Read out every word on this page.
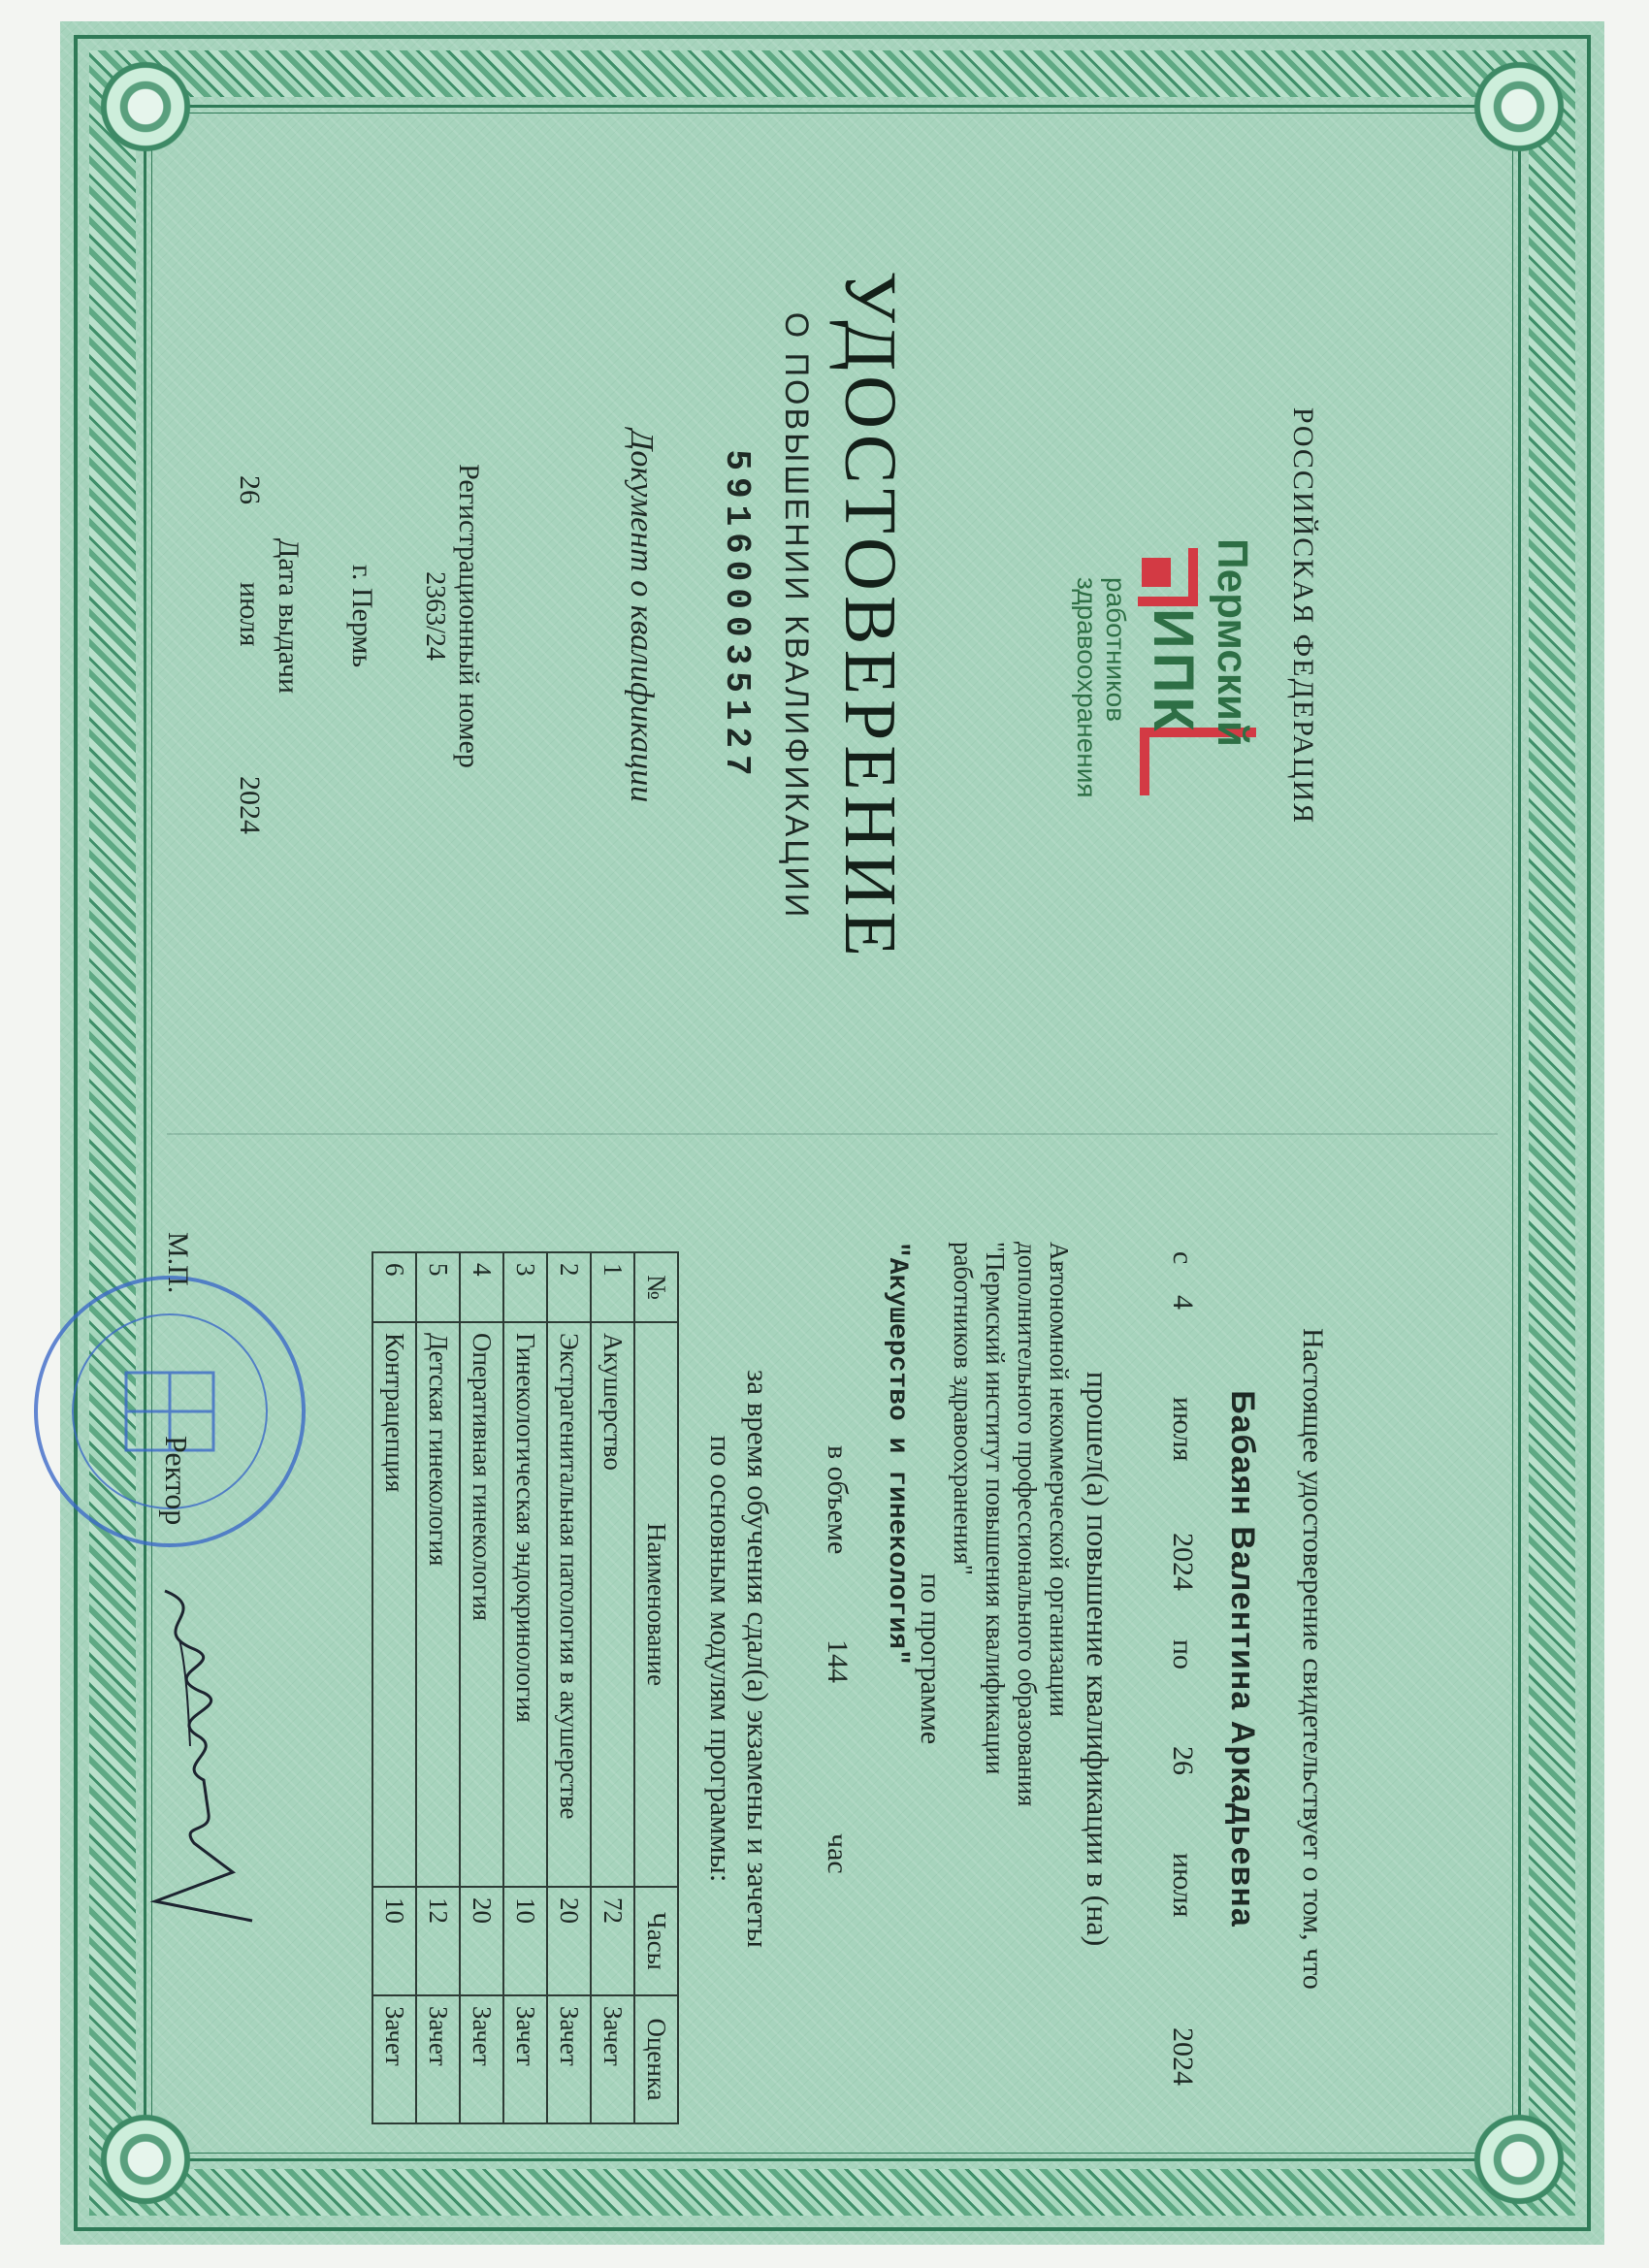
РОССИЙСКАЯ ФЕДЕРАЦИЯ
Пермский
ИПК
работников
здравоохранения
УДОСТОВЕРЕНИЕ
О ПОВЫШЕНИИ КВАЛИФИКАЦИИ
591600035127
Документ о квалификации
Регистрационный номер
2363/24
г. Пермь
Дата выдачи
26
июля
2024
Настоящее удостоверение свидетельствует о том, что
Бабаян Валентина Аркадьевна
с
4
июля
2024
по
26
июля
2024
прошел(а) повышение квалификации в (на)
Автономной некоммерческой организации
дополнительного профессионального образования
"Пермский институт повышения квалификации
работников здравоохранения"
по программе
"Акушерство и гинекология"
в объеме
144
час
за время обучения сдал(а) экзамены и зачеты
по основным модулям программы:
№	Наименование	Часы	Оценка
1	Акушерство	72	Зачет
2	Экстрагенитальная патология в акушерстве	20	Зачет
3	Гинекологическая эндокринология	10	Зачет
4	Оперативная гинекология	20	Зачет
5	Детская гинекология	12	Зачет
6	Контрацепция	10	Зачет
М.П.
Ректор
